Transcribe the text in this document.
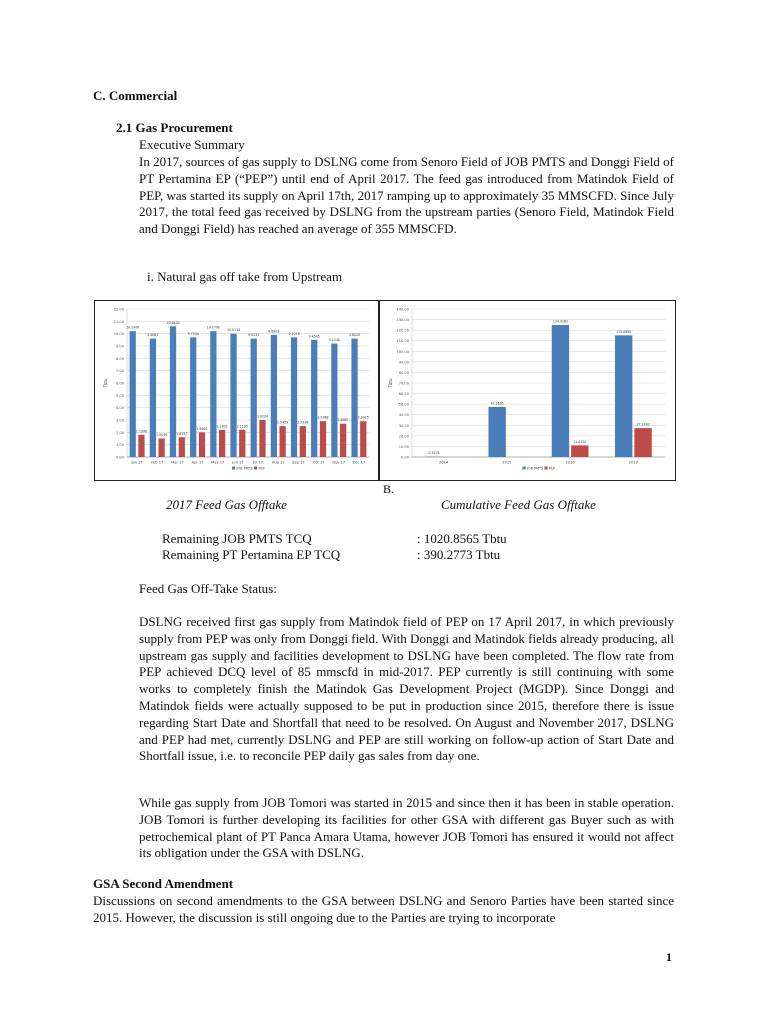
C. Commercial
2.1 Gas Procurement
Executive Summary
In 2017, sources of gas supply to DSLNG come from Senoro Field of JOB PMTS and Donggi Field of PT Pertamina EP (“PEP”) until end of April 2017. The feed gas introduced from Matindok Field of PEP, was started its supply on April 17th, 2017 ramping up to approximately 35 MMSCFD. Since July 2017, the total feed gas received by DSLNG from the upstream parties (Senoro Field, Matindok Field and Donggi Field) has reached an average of 355 MMSCFD.
i. Natural gas off take from Upstream
0.00
1.00
2.00
3.00
4.00
5.00
6.00
7.00
8.00
9.00
10.00
11.00
12.00
Tbtu
10.1906
1.7996
Jan 17
9.6087
1.5046
Feb 17
10.6424
1.6197
Mar 17
9.7034
1.9663
Apr 17
10.1796
2.1802
May 17
10.0116
2.2195
Jun 17
9.6237
3.0204
Jul 17
9.8902
2.5459
Aug 17
9.7078
2.5338
Sep 17
9.4545
2.9388
Oct 17
9.1548
2.6987
Nov 17
9.6020
2.9025
Dec 17
JOB PMTS PEP
0.00
10.00
20.00
30.00
40.00
50.00
60.00
70.00
80.00
90.00
100.00
110.00
120.00
130.00
140.00
Tbtu
0.3278
2014
47.2695
2015
124.9182
11.0220
2016
115.0895
27.3242
2017
JOB PMTS PEP
B.
2017 Feed Gas Offtake	Cumulative Feed Gas Offtake
Remaining JOB PMTS TCQ	: 1020.8565 Tbtu
Remaining PT Pertamina EP TCQ	: 390.2773 Tbtu
Feed Gas Off-Take Status:
DSLNG received first gas supply from Matindok field of PEP on 17 April 2017, in which previously supply from PEP was only from Donggi field. With Donggi and Matindok fields already producing, all upstream gas supply and facilities development to DSLNG have been completed. The flow rate from PEP achieved DCQ level of 85 mmscfd in mid-2017. PEP currently is still continuing with some works to completely finish the Matindok Gas Development Project (MGDP). Since Donggi and Matindok fields were actually supposed to be put in production since 2015, therefore there is issue regarding Start Date and Shortfall that need to be resolved. On August and November 2017, DSLNG and PEP had met, currently DSLNG and PEP are still working on follow-up action of Start Date and Shortfall issue, i.e. to reconcile PEP daily gas sales from day one.
While gas supply from JOB Tomori was started in 2015 and since then it has been in stable operation. JOB Tomori is further developing its facilities for other GSA with different gas Buyer such as with petrochemical plant of PT Panca Amara Utama, however JOB Tomori has ensured it would not affect its obligation under the GSA with DSLNG.
GSA Second Amendment
Discussions on second amendments to the GSA between DSLNG and Senoro Parties have been started since 2015. However, the discussion is still ongoing due to the Parties are trying to incorporate
1
